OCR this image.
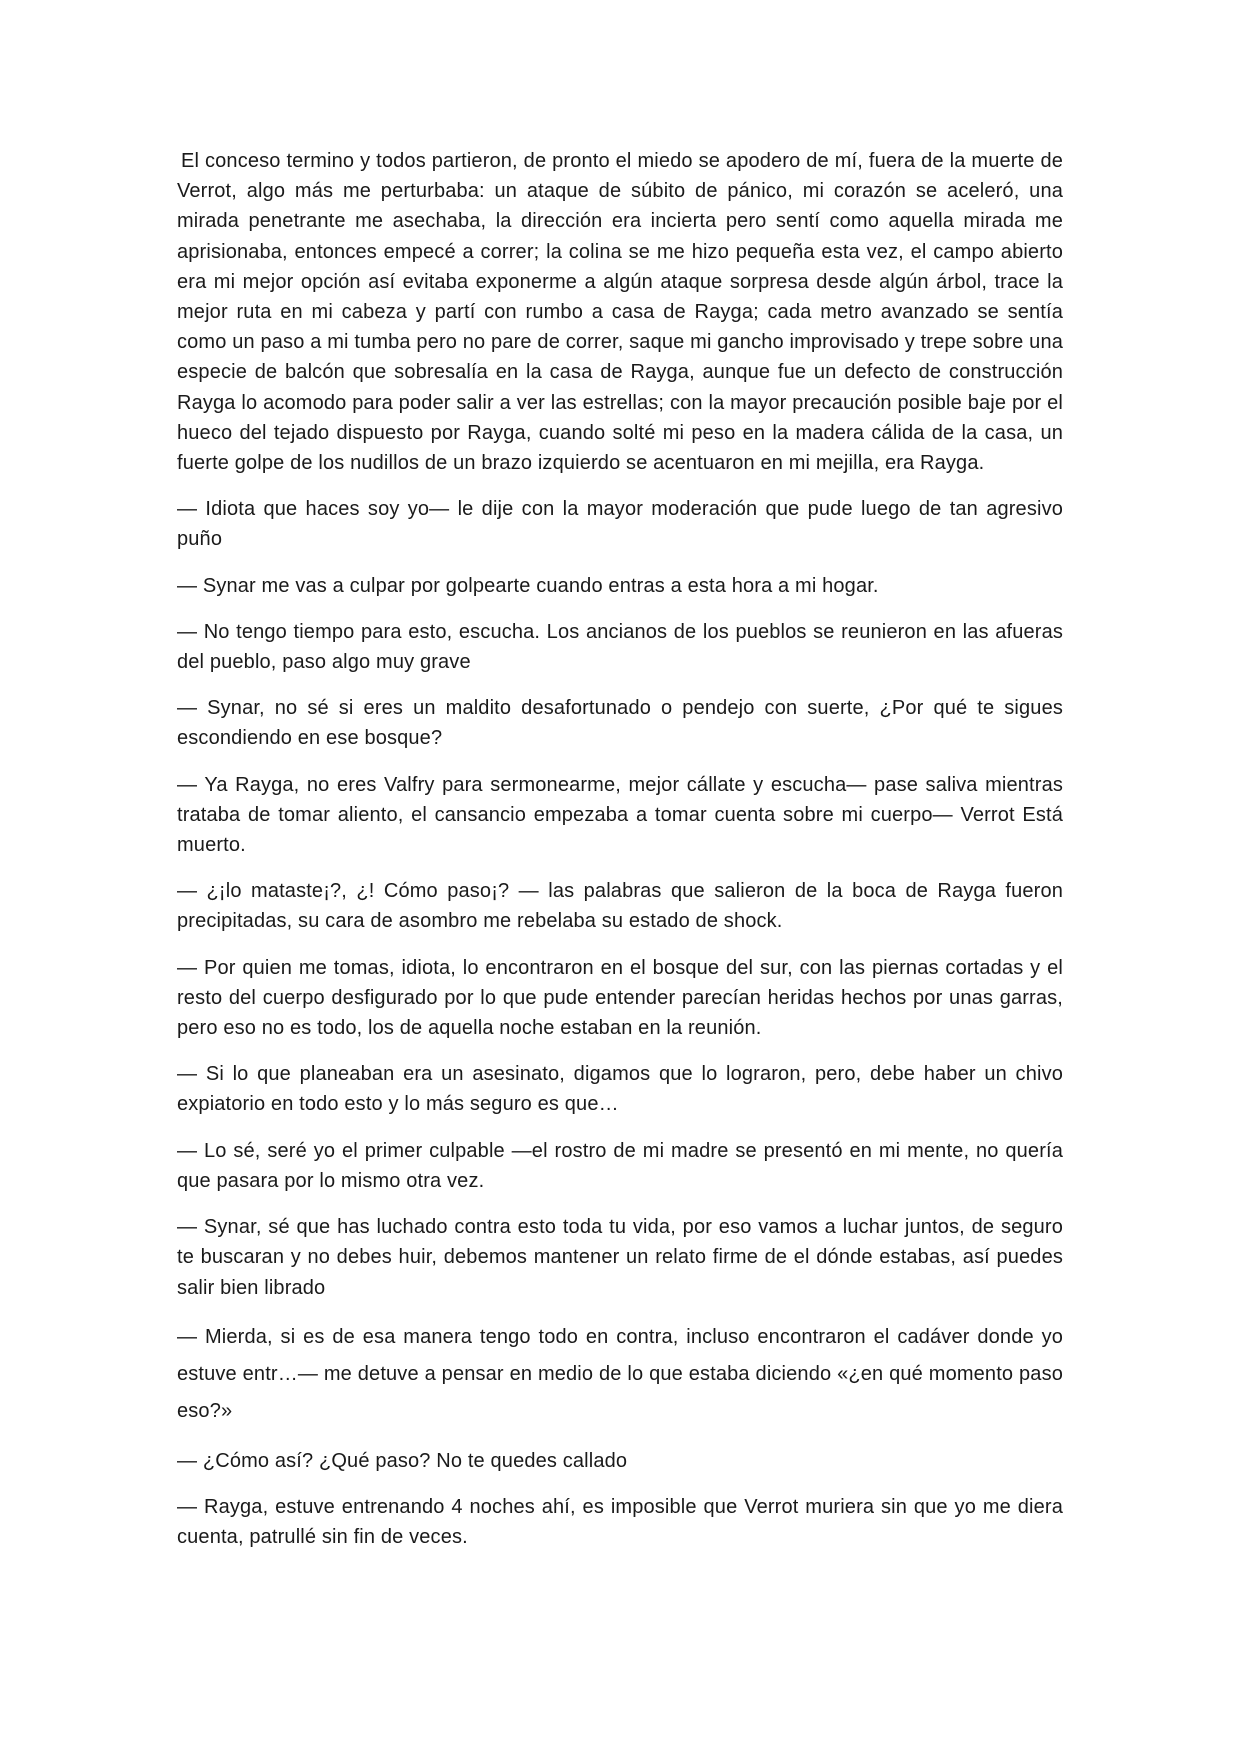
El conceso termino y todos partieron, de pronto el miedo se apodero de mí, fuera de la muerte de Verrot, algo más me perturbaba: un ataque de súbito de pánico, mi corazón se aceleró, una mirada penetrante me asechaba, la dirección era incierta pero sentí como aquella mirada me aprisionaba, entonces empecé a correr; la colina se me hizo pequeña esta vez, el campo abierto era mi mejor opción así evitaba exponerme a algún ataque sorpresa desde algún árbol, trace la mejor ruta en mi cabeza y partí con rumbo a casa de Rayga; cada metro avanzado se sentía como un paso a mi tumba pero no pare de correr, saque mi gancho improvisado y trepe sobre una especie de balcón que sobresalía en la casa de Rayga, aunque fue un defecto de construcción Rayga lo acomodo para poder salir a ver las estrellas; con la mayor precaución posible baje por el hueco del tejado dispuesto por Rayga, cuando solté mi peso en la madera cálida de la casa, un fuerte golpe de los nudillos de un brazo izquierdo se acentuaron en mi mejilla, era Rayga.

— Idiota que haces soy yo— le dije con la mayor moderación que pude luego de tan agresivo puño

— Synar me vas a culpar por golpearte cuando entras a esta hora a mi hogar.

— No tengo tiempo para esto, escucha. Los ancianos de los pueblos se reunieron en las afueras del pueblo, paso algo muy grave

— Synar, no sé si eres un maldito desafortunado o pendejo con suerte, ¿Por qué te sigues escondiendo en ese bosque?

— Ya Rayga, no eres Valfry para sermonearme, mejor cállate y escucha— pase saliva mientras trataba de tomar aliento, el cansancio empezaba a tomar cuenta sobre mi cuerpo— Verrot Está muerto.

— ¿¡lo mataste¡?, ¿! Cómo paso¡? — las palabras que salieron de la boca de Rayga fueron precipitadas, su cara de asombro me rebelaba su estado de shock.

— Por quien me tomas, idiota, lo encontraron en el bosque del sur, con las piernas cortadas y el resto del cuerpo desfigurado por lo que pude entender parecían heridas hechos por unas garras, pero eso no es todo, los de aquella noche estaban en la reunión.

— Si lo que planeaban era un asesinato, digamos que lo lograron, pero, debe haber un chivo expiatorio en todo esto y lo más seguro es que…

— Lo sé, seré yo el primer culpable —el rostro de mi madre se presentó en mi mente, no quería que pasara por lo mismo otra vez.

— Synar, sé que has luchado contra esto toda tu vida, por eso vamos a luchar juntos, de seguro te buscaran y no debes huir, debemos mantener un relato firme de el dónde estabas, así puedes salir bien librado

— Mierda, si es de esa manera tengo todo en contra, incluso encontraron el cadáver donde yo estuve entr…— me detuve a pensar en medio de lo que estaba diciendo «¿en qué momento paso eso?»

— ¿Cómo así? ¿Qué paso? No te quedes callado

— Rayga, estuve entrenando 4 noches ahí, es imposible que Verrot muriera sin que yo me diera cuenta, patrullé sin fin de veces.
